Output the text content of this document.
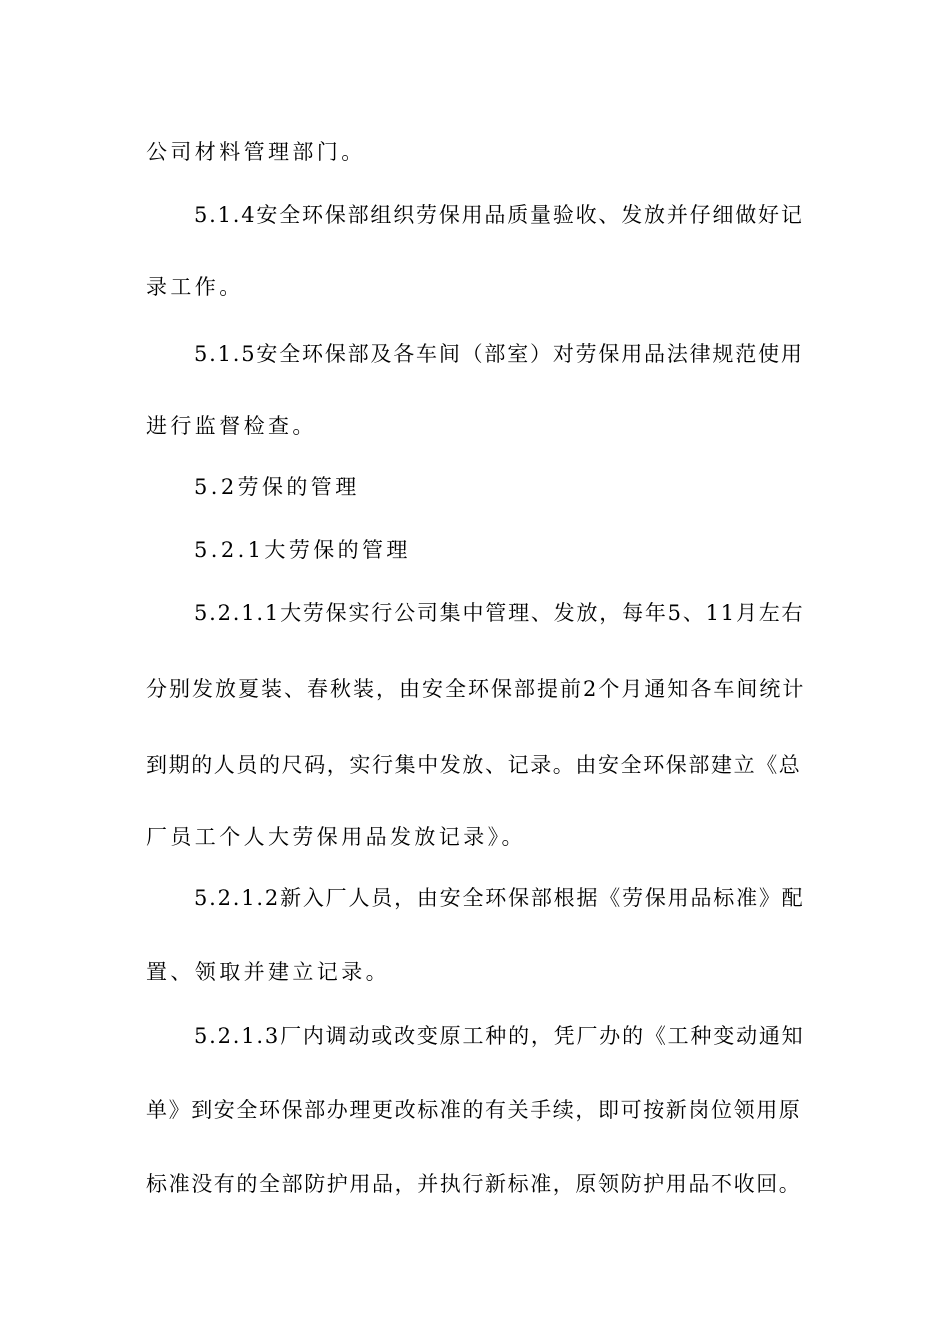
公司材料管理部门。
5.1.4安全环保部组织劳保用品质量验收、发放并仔细做好记
录工作。
5.1.5安全环保部及各车间（部室）对劳保用品法律规范使用
进行监督检查。
5.2劳保的管理
5.2.1大劳保的管理
5.2.1.1大劳保实行公司集中管理、发放，每年5、11月左右
分别发放夏装、春秋装，由安全环保部提前2个月通知各车间统计
到期的人员的尺码，实行集中发放、记录。由安全环保部建立《总
厂员工个人大劳保用品发放记录》。
5.2.1.2新入厂人员，由安全环保部根据《劳保用品标准》配
置、领取并建立记录。
5.2.1.3厂内调动或改变原工种的，凭厂办的《工种变动通知
单》到安全环保部办理更改标准的有关手续，即可按新岗位领用原
标准没有的全部防护用品，并执行新标准，原领防护用品不收回。
